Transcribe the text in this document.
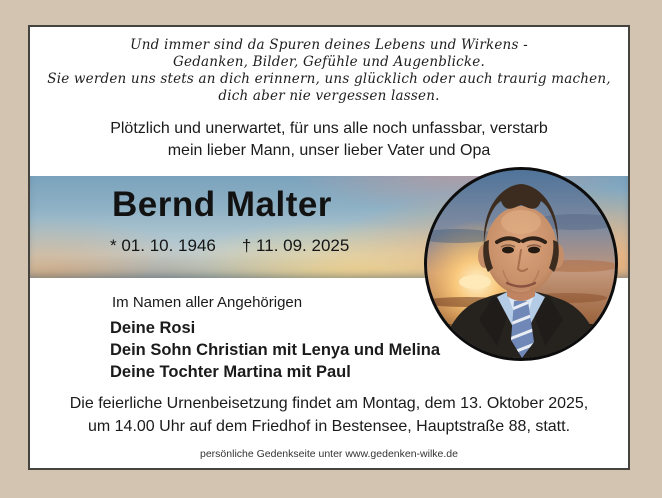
Und immer sind da Spuren deines Lebens und Wirkens -
Gedanken, Bilder, Gefühle und Augenblicke.
Sie werden uns stets an dich erinnern, uns glücklich oder auch traurig machen,
dich aber nie vergessen lassen.
Plötzlich und unerwartet, für uns alle noch unfassbar, verstarb
mein lieber Mann, unser lieber Vater und Opa
Bernd Malter
* 01. 10. 1946 † 11. 09. 2025
Im Namen aller Angehörigen
Deine Rosi
Dein Sohn Christian mit Lenya und Melina
Deine Tochter Martina mit Paul
Die feierliche Urnenbeisetzung findet am Montag, dem 13. Oktober 2025,
um 14.00 Uhr auf dem Friedhof in Bestensee, Hauptstraße 88, statt.
persönliche Gedenkseite unter www.gedenken-wilke.de
